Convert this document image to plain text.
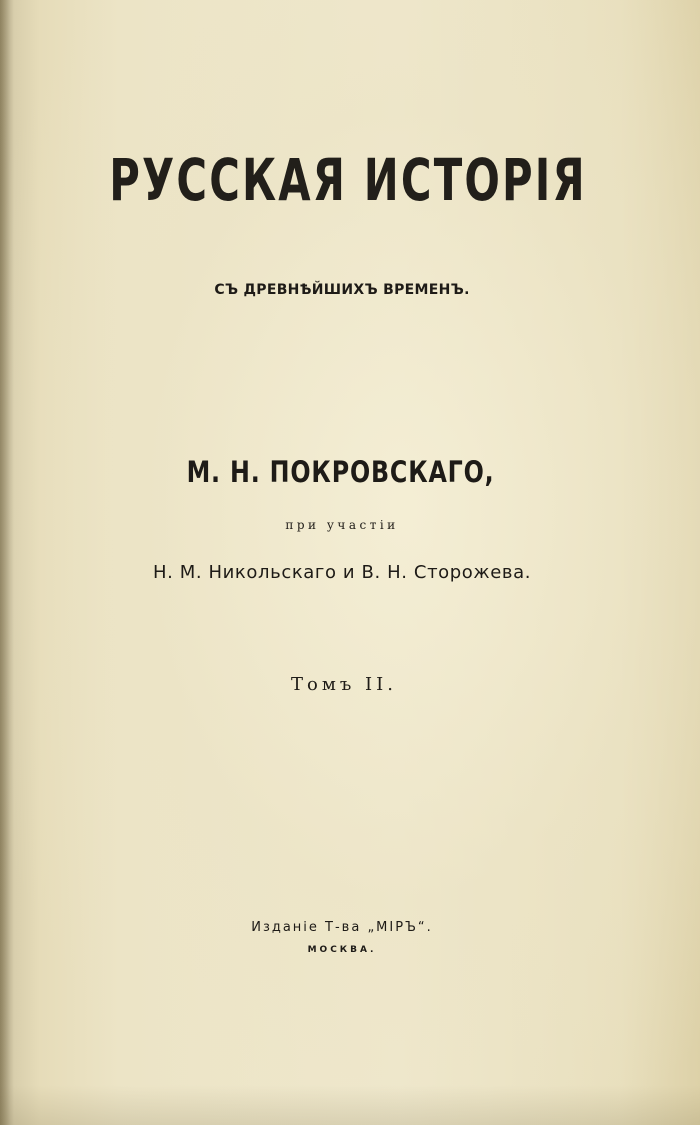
РУССКАЯ ИСТОРІЯ
СЪ ДРЕВНѢЙШИХЪ ВРЕМЕНЪ.
М. Н. ПОКРОВСКАГО,
при участіи
Н. М. Никольскаго и В. Н. Сторожева.
Томъ II.
Изданіе Т-ва „МІРЪ“.
МОСКВА.
